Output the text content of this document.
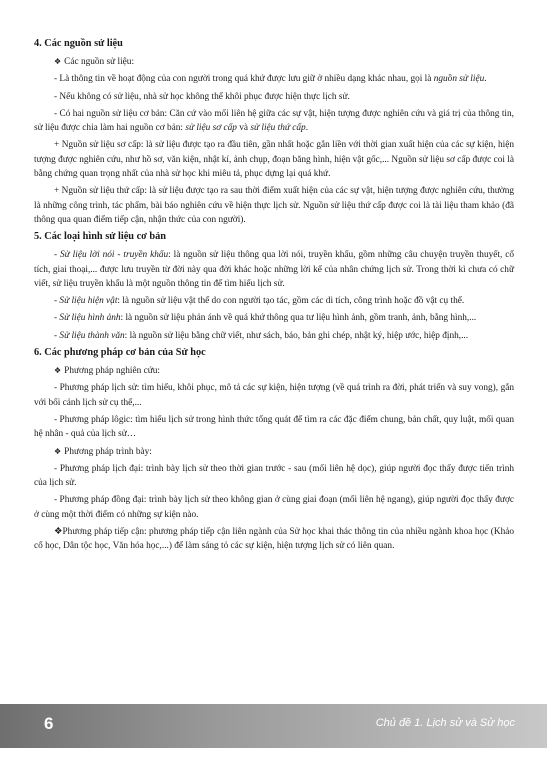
4. Các nguồn sử liệu
❖ Các nguồn sử liệu:

- Là thông tin về hoạt động của con người trong quá khứ được lưu giữ ở nhiều dạng khác nhau, gọi là nguồn sử liệu.

- Nếu không có sử liệu, nhà sử học không thể khôi phục được hiện thực lịch sử.

- Có hai nguồn sử liệu cơ bản: Căn cứ vào mối liên hệ giữa các sự vật, hiện tượng được nghiên cứu và giá trị của thông tin, sử liệu được chia làm hai nguồn cơ bản: sử liệu sơ cấp và sử liệu thứ cấp.

+ Nguồn sử liệu sơ cấp: là sử liệu được tạo ra đầu tiên, gần nhất hoặc gắn liền với thời gian xuất hiện của các sự kiện, hiện tượng được nghiên cứu, như hồ sơ, văn kiện, nhật kí, ảnh chụp, đoạn băng hình, hiện vật gốc,... Nguồn sử liệu sơ cấp được coi là bằng chứng quan trọng nhất của nhà sử học khi miêu tả, phục dựng lại quá khứ.

+ Nguồn sử liệu thứ cấp: là sử liệu được tạo ra sau thời điểm xuất hiện của các sự vật, hiện tượng được nghiên cứu, thường là những công trình, tác phẩm, bài báo nghiên cứu về hiện thực lịch sử. Nguồn sử liệu thứ cấp được coi là tài liệu tham khảo (đã thông qua quan điểm tiếp cận, nhận thức của con người).

5. Các loại hình sử liệu cơ bản

- Sử liệu lời nói - truyền khẩu: là nguồn sử liệu thông qua lời nói, truyền khẩu, gồm những câu chuyện truyền thuyết, cổ tích, giai thoại,... được lưu truyền từ đời này qua đời khác hoặc những lời kể của nhân chứng lịch sử. Trong thời kì chưa có chữ viết, sử liệu truyền khẩu là một nguồn thông tin để tìm hiểu lịch sử.

- Sử liệu hiện vật: là nguồn sử liệu vật thể do con người tạo tác, gồm các di tích, công trình hoặc đồ vật cụ thể.

- Sử liệu hình ảnh: là nguồn sử liệu phản ánh về quá khứ thông qua tư liệu hình ảnh, gồm tranh, ảnh, bằng hình,...

- Sử liệu thành văn: là nguồn sử liệu bằng chữ viết, như sách, báo, bản ghi chép, nhật ký, hiệp ước, hiệp định,...

6. Các phương pháp cơ bản của Sử học
❖ Phương pháp nghiên cứu:

- Phương pháp lịch sử: tìm hiểu, khôi phục, mô tả các sự kiện, hiện tượng (về quá trình ra đời, phát triển và suy vong), gắn với bối cảnh lịch sử cụ thể,...

- Phương pháp lôgic: tìm hiểu lịch sử trong hình thức tổng quát để tìm ra các đặc điểm chung, bản chất, quy luật, mối quan hệ nhân - quả của lịch sử…

❖ Phương pháp trình bày:

- Phương pháp lịch đại: trình bày lịch sử theo thời gian trước - sau (mối liên hệ dọc), giúp người đọc thấy được tiến trình của lịch sử.

- Phương pháp đồng đại: trình bày lịch sử theo không gian ở cùng giai đoạn (mối liên hệ ngang), giúp người đọc thấy được ở cùng một thời điểm có những sự kiện nào.

❖Phương pháp tiếp cận: phương pháp tiếp cận liên ngành của Sử học khai thác thông tin của nhiều ngành khoa học (Khảo cổ học, Dân tộc học, Văn hóa học,...) để làm sáng tỏ các sự kiện, hiện tượng lịch sử có liên quan.

6	Chủ đề 1. Lịch sử và Sử học
